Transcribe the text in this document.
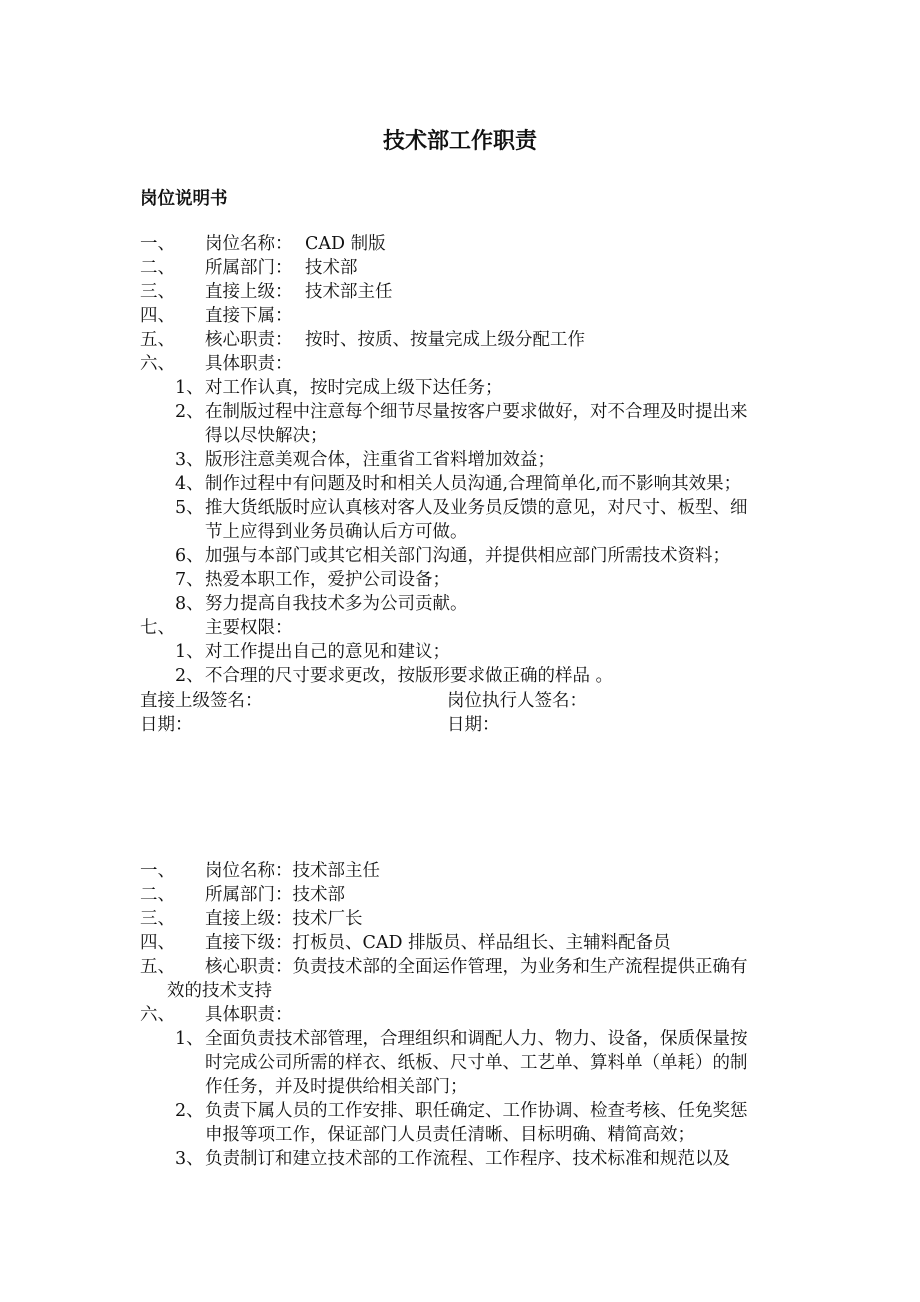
技术部工作职责
岗位说明书
一、 岗位名称： CAD 制版
二、 所属部门： 技术部
三、 直接上级： 技术部主任
四、 直接下属：
五、 核心职责： 按时、按质、按量完成上级分配工作
六、 具体职责：
1、 对工作认真，按时完成上级下达任务；
2、 在制版过程中注意每个细节尽量按客户要求做好，对不合理及时提出来
得以尽快解决；
3、 版形注意美观合体，注重省工省料增加效益；
4、 制作过程中有问题及时和相关人员沟通,合理简单化,而不影响其效果；
5、 推大货纸版时应认真核对客人及业务员反馈的意见，对尺寸、板型、细
节上应得到业务员确认后方可做。
6、 加强与本部门或其它相关部门沟通，并提供相应部门所需技术资料；
7、 热爱本职工作，爱护公司设备；
8、 努力提高自我技术多为公司贡献。
七、 主要权限：
1、 对工作提出自己的意见和建议；
2、 不合理的尺寸要求更改，按版形要求做正确的样品 。
直接上级签名：	岗位执行人签名：
日期：	日期：
一、 岗位名称：技术部主任
二、 所属部门：技术部
三、 直接上级：技术厂长
四、 直接下级：打板员、CAD 排版员、样品组长、主辅料配备员
五、 核心职责：负责技术部的全面运作管理，为业务和生产流程提供正确有
效的技术支持
六、 具体职责：
1、 全面负责技术部管理，合理组织和调配人力、物力、设备，保质保量按
时完成公司所需的样衣、纸板、尺寸单、工艺单、算料单（单耗）的制
作任务，并及时提供给相关部门；
2、 负责下属人员的工作安排、职任确定、工作协调、检查考核、任免奖惩
申报等项工作，保证部门人员责任清晰、目标明确、精简高效；
3、 负责制订和建立技术部的工作流程、工作程序、技术标准和规范以及
